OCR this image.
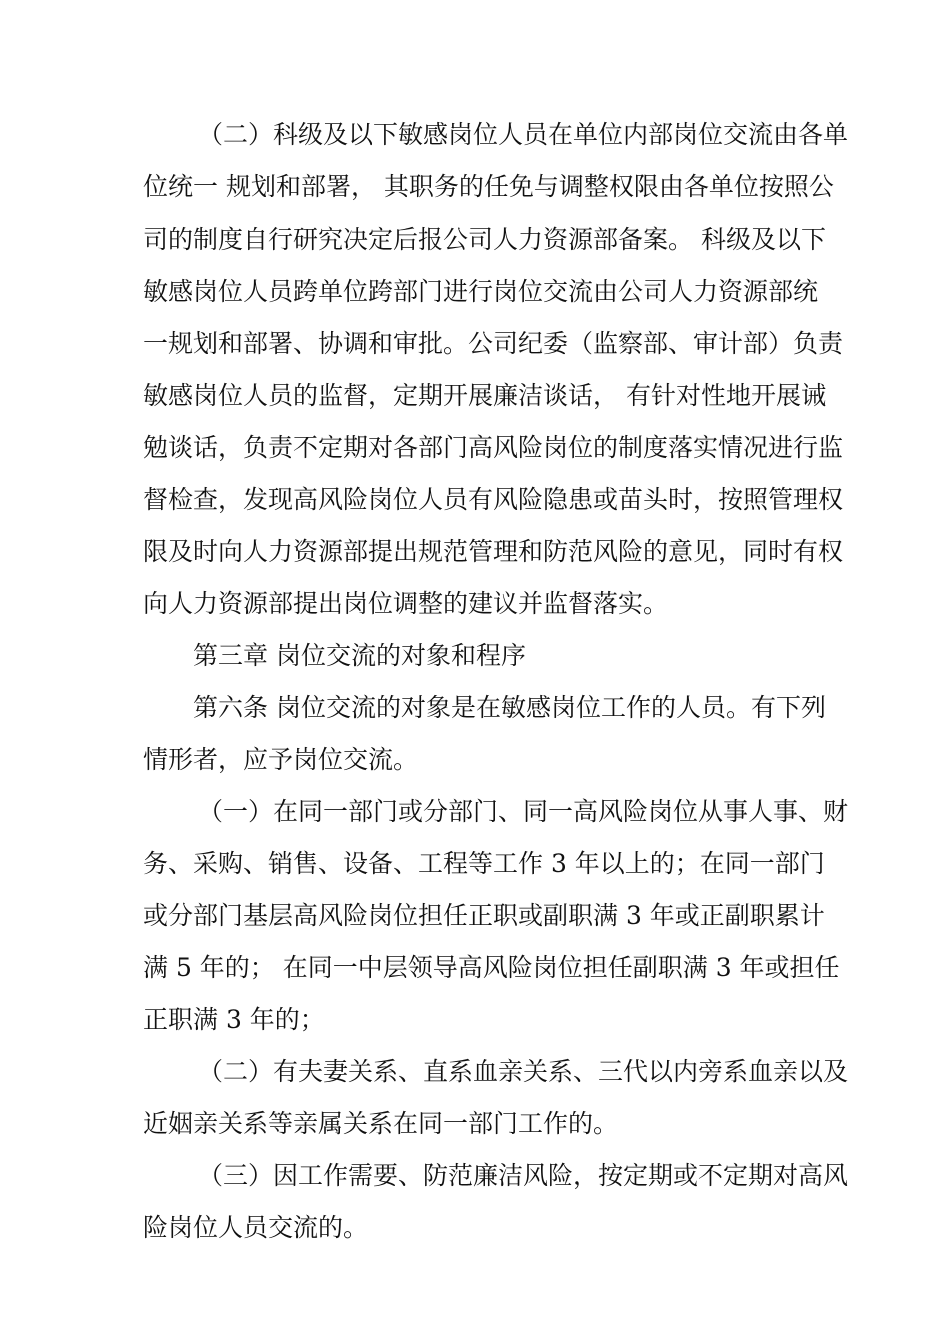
（二）科级及以下敏感岗位人员在单位内部岗位交流由各单
位统一 规划和部署， 其职务的任免与调整权限由各单位按照公
司的制度自行研究决定后报公司人力资源部备案。 科级及以下
敏感岗位人员跨单位跨部门进行岗位交流由公司人力资源部统
一规划和部署、协调和审批。公司纪委（监察部、审计部）负责
敏感岗位人员的监督，定期开展廉洁谈话， 有针对性地开展诫
勉谈话，负责不定期对各部门高风险岗位的制度落实情况进行监
督检查，发现高风险岗位人员有风险隐患或苗头时，按照管理权
限及时向人力资源部提出规范管理和防范风险的意见，同时有权
向人力资源部提出岗位调整的建议并监督落实。
第三章 岗位交流的对象和程序
第六条 岗位交流的对象是在敏感岗位工作的人员。有下列
情形者，应予岗位交流。
（一）在同一部门或分部门、同一高风险岗位从事人事、财
务、采购、销售、设备、工程等工作 3 年以上的；在同一部门
或分部门基层高风险岗位担任正职或副职满 3 年或正副职累计
满 5 年的； 在同一中层领导高风险岗位担任副职满 3 年或担任
正职满 3 年的；
（二）有夫妻关系、直系血亲关系、三代以内旁系血亲以及
近姻亲关系等亲属关系在同一部门工作的。
（三）因工作需要、防范廉洁风险，按定期或不定期对高风
险岗位人员交流的。
